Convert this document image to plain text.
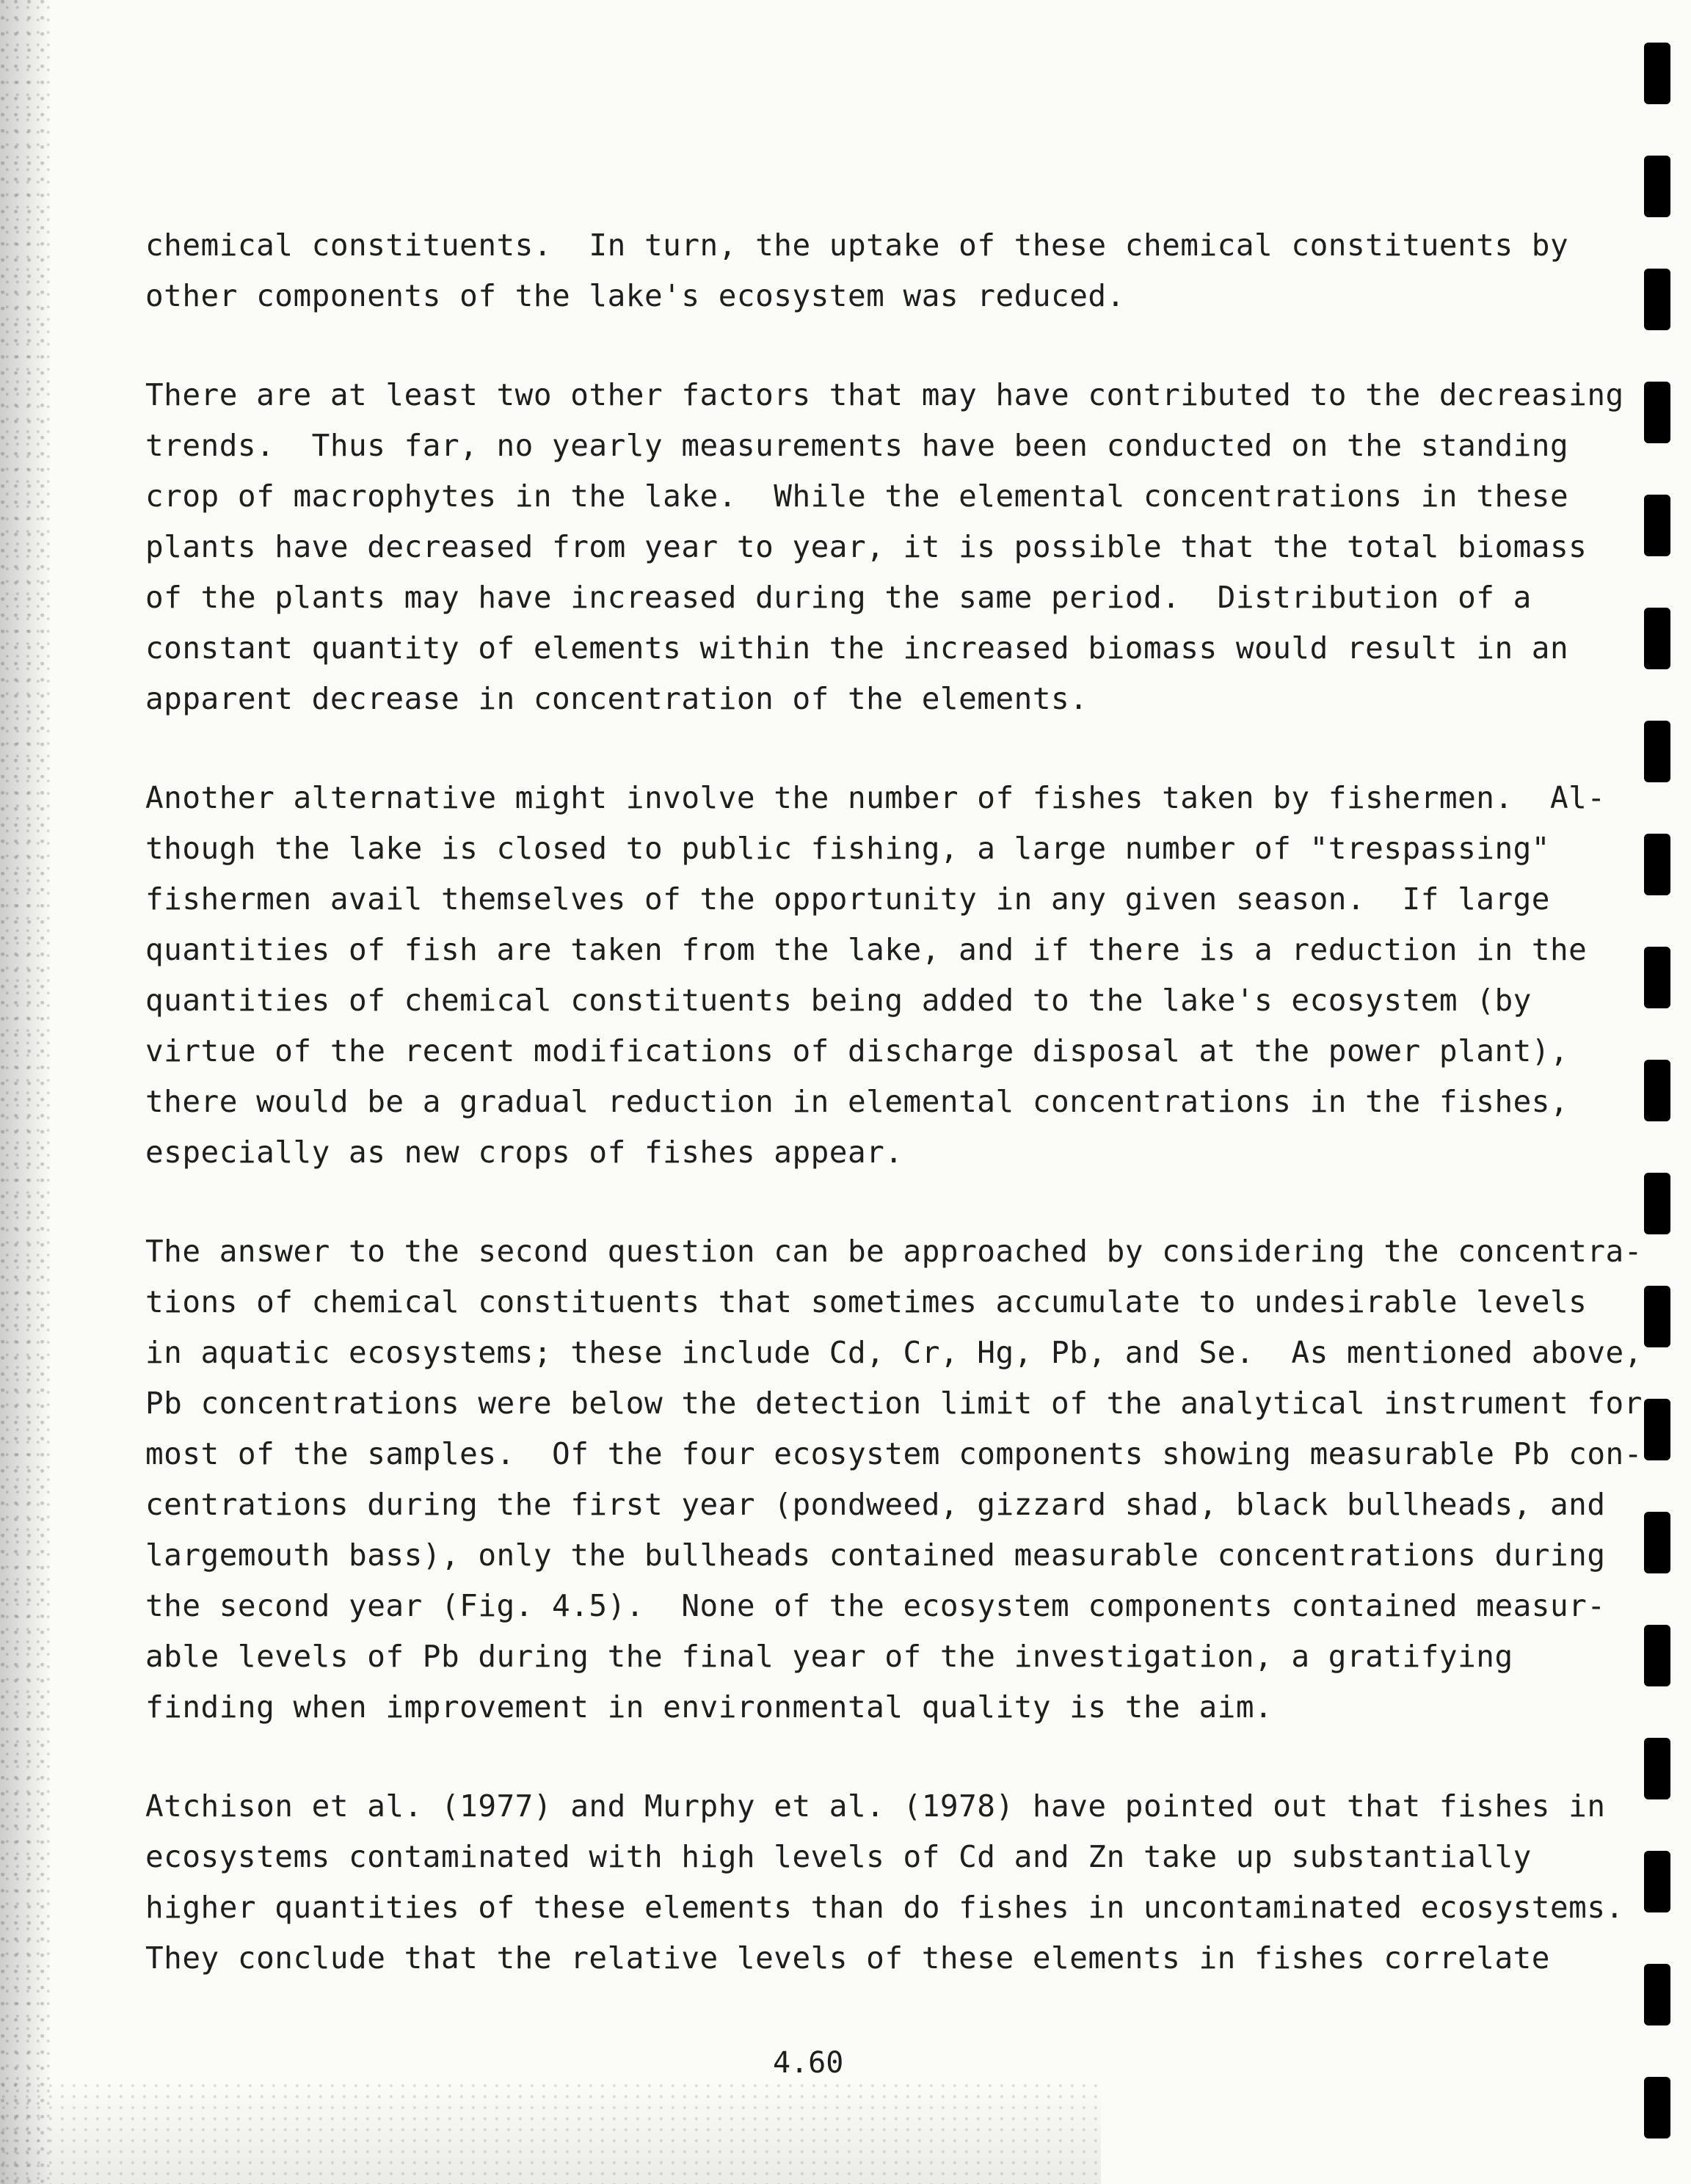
chemical constituents.  In turn, the uptake of these chemical constituents by
other components of the lake's ecosystem was reduced.
There are at least two other factors that may have contributed to the decreasing
trends.  Thus far, no yearly measurements have been conducted on the standing
crop of macrophytes in the lake.  While the elemental concentrations in these
plants have decreased from year to year, it is possible that the total biomass
of the plants may have increased during the same period.  Distribution of a
constant quantity of elements within the increased biomass would result in an
apparent decrease in concentration of the elements.
Another alternative might involve the number of fishes taken by fishermen.  Al-
though the lake is closed to public fishing, a large number of "trespassing"
fishermen avail themselves of the opportunity in any given season.  If large
quantities of fish are taken from the lake, and if there is a reduction in the
quantities of chemical constituents being added to the lake's ecosystem (by
virtue of the recent modifications of discharge disposal at the power plant),
there would be a gradual reduction in elemental concentrations in the fishes,
especially as new crops of fishes appear.
The answer to the second question can be approached by considering the concentra-
tions of chemical constituents that sometimes accumulate to undesirable levels
in aquatic ecosystems; these include Cd, Cr, Hg, Pb, and Se.  As mentioned above,
Pb concentrations were below the detection limit of the analytical instrument for
most of the samples.  Of the four ecosystem components showing measurable Pb con-
centrations during the first year (pondweed, gizzard shad, black bullheads, and
largemouth bass), only the bullheads contained measurable concentrations during
the second year (Fig. 4.5).  None of the ecosystem components contained measur-
able levels of Pb during the final year of the investigation, a gratifying
finding when improvement in environmental quality is the aim.
Atchison et al. (1977) and Murphy et al. (1978) have pointed out that fishes in
ecosystems contaminated with high levels of Cd and Zn take up substantially
higher quantities of these elements than do fishes in uncontaminated ecosystems.
They conclude that the relative levels of these elements in fishes correlate
4.60
